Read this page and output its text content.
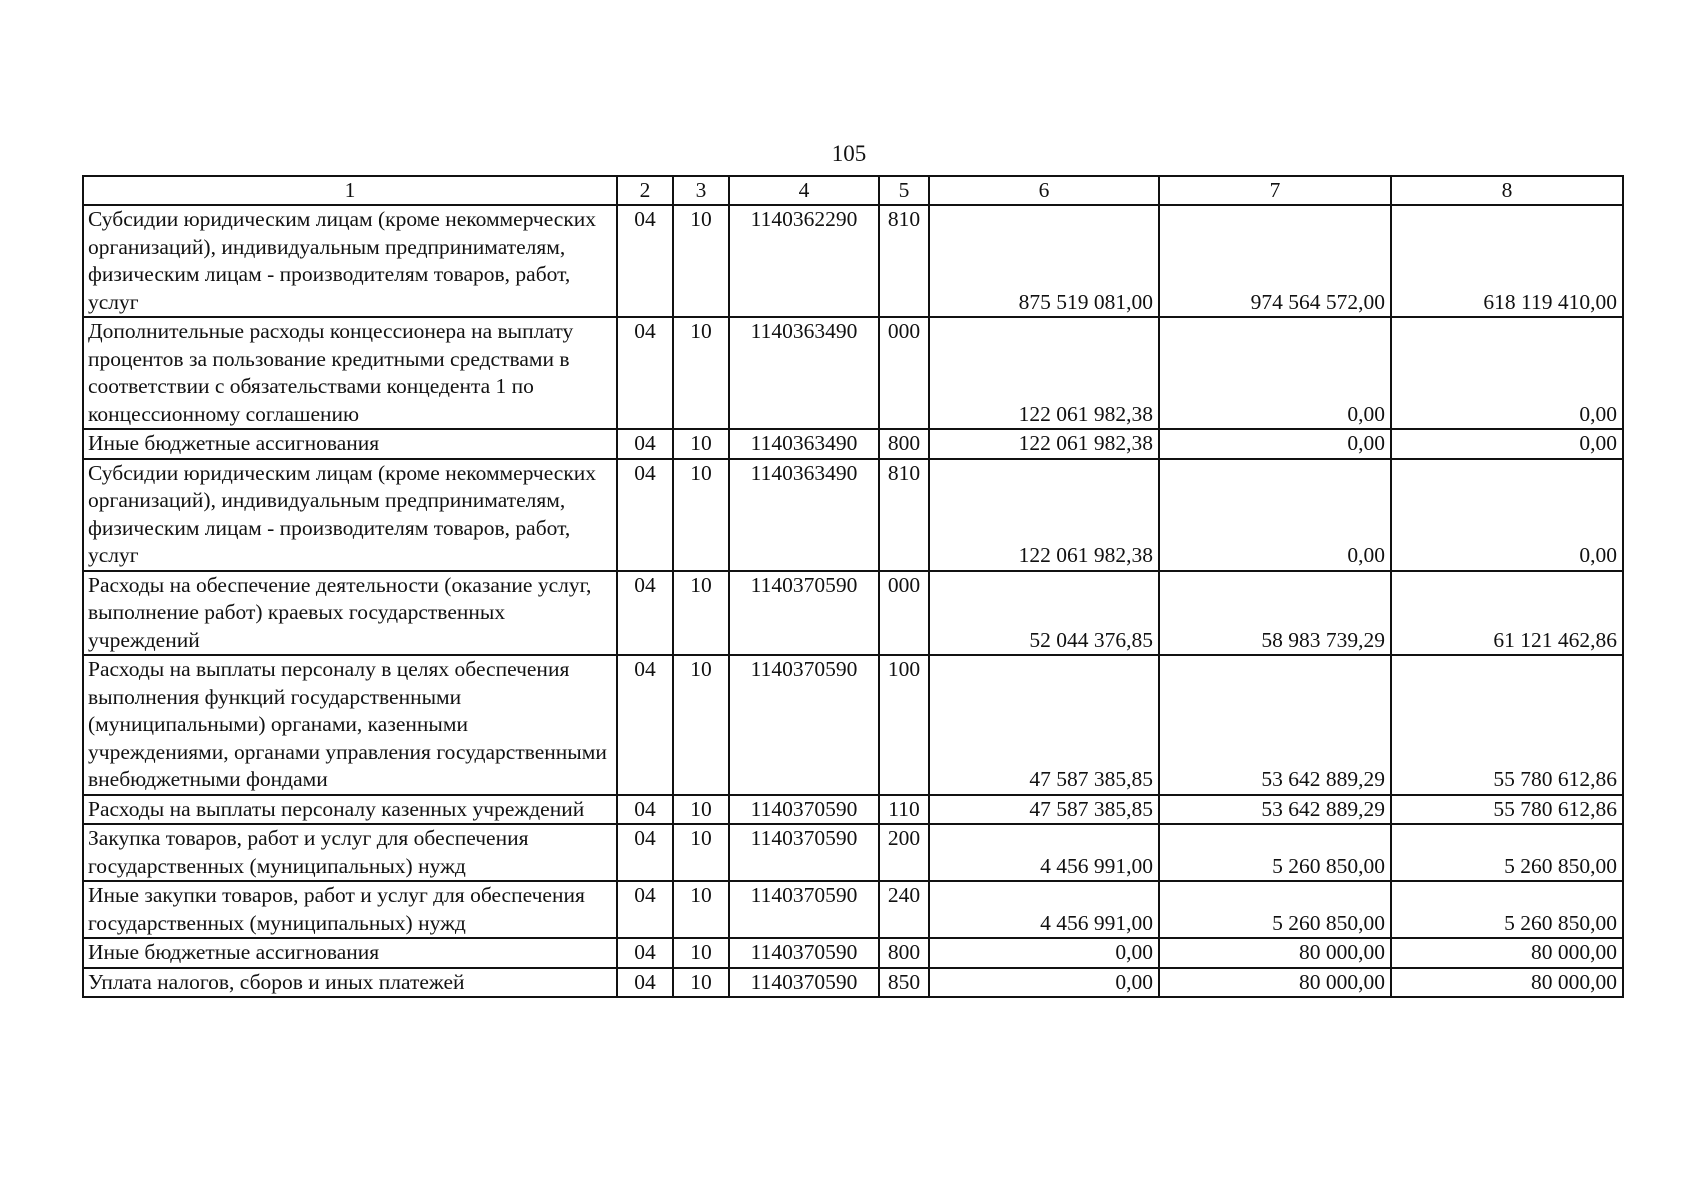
105
1	2	3	4	5	6	7	8
Субсидии юридическим лицам (кроме некоммерческих организаций), индивидуальным предпринимателям, физическим лицам - производителям товаров, работ, услуг	04	10	1140362290	810	875 519 081,00	974 564 572,00	618 119 410,00
Дополнительные расходы концессионера на выплату процентов за пользование кредитными средствами в соответствии с обязательствами концедента 1 по концессионному соглашению	04	10	1140363490	000	122 061 982,38	0,00	0,00
Иные бюджетные ассигнования	04	10	1140363490	800	122 061 982,38	0,00	0,00
Субсидии юридическим лицам (кроме некоммерческих организаций), индивидуальным предпринимателям, физическим лицам - производителям товаров, работ, услуг	04	10	1140363490	810	122 061 982,38	0,00	0,00
Расходы на обеспечение деятельности (оказание услуг, выполнение работ) краевых государственных учреждений	04	10	1140370590	000	52 044 376,85	58 983 739,29	61 121 462,86
Расходы на выплаты персоналу в целях обеспечения выполнения функций государственными (муниципальными) органами, казенными учреждениями, органами управления государственными внебюджетными фондами	04	10	1140370590	100	47 587 385,85	53 642 889,29	55 780 612,86
Расходы на выплаты персоналу казенных учреждений	04	10	1140370590	110	47 587 385,85	53 642 889,29	55 780 612,86
Закупка товаров, работ и услуг для обеспечения государственных (муниципальных) нужд	04	10	1140370590	200	4 456 991,00	5 260 850,00	5 260 850,00
Иные закупки товаров, работ и услуг для обеспечения государственных (муниципальных) нужд	04	10	1140370590	240	4 456 991,00	5 260 850,00	5 260 850,00
Иные бюджетные ассигнования	04	10	1140370590	800	0,00	80 000,00	80 000,00
Уплата налогов, сборов и иных платежей	04	10	1140370590	850	0,00	80 000,00	80 000,00
